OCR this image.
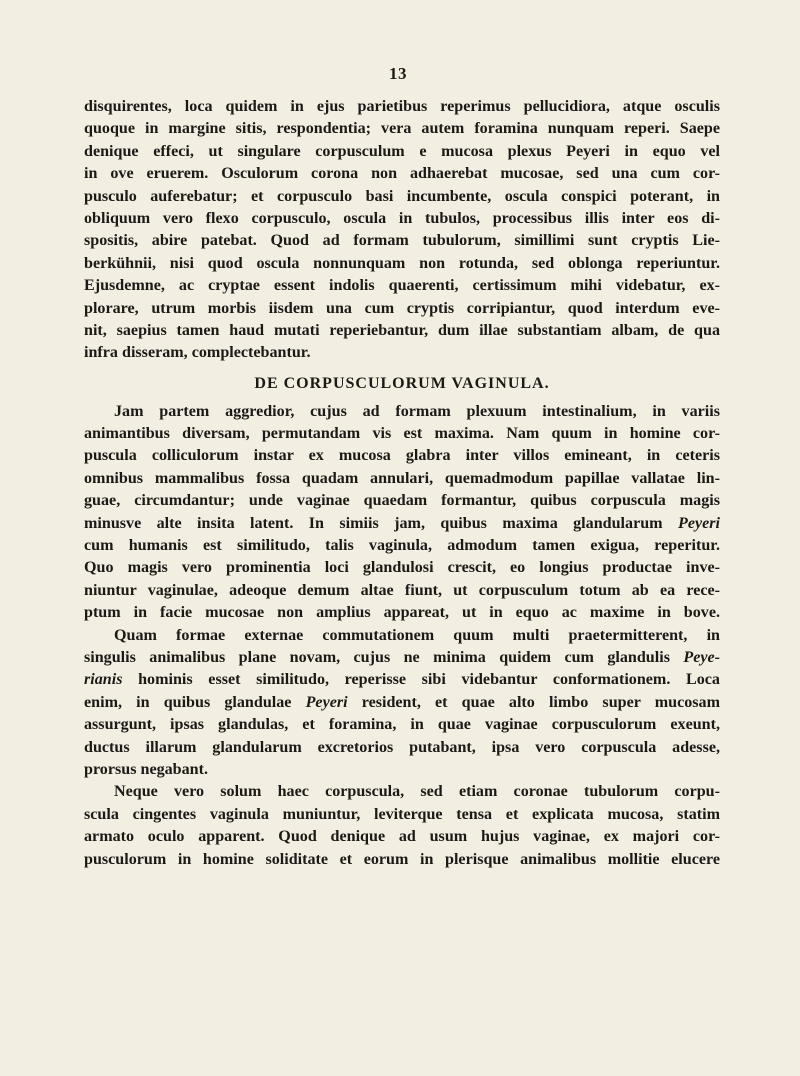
13
disquirentes, loca quidem in ejus parietibus reperimus pellucidiora, atque osculis
quoque in margine sitis, respondentia; vera autem foramina nunquam reperi. Saepe
denique effeci, ut singulare corpusculum e mucosa plexus Peyeri in equo vel
in ove eruerem. Osculorum corona non adhaerebat mucosae, sed una cum cor-
pusculo auferebatur; et corpusculo basi incumbente, oscula conspici poterant, in
obliquum vero flexo corpusculo, oscula in tubulos, processibus illis inter eos di-
spositis, abire patebat. Quod ad formam tubulorum, simillimi sunt cryptis Lie-
berkühnii, nisi quod oscula nonnunquam non rotunda, sed oblonga reperiuntur.
Ejusdemne, ac cryptae essent indolis quaerenti, certissimum mihi videbatur, ex-
plorare, utrum morbis iisdem una cum cryptis corripiantur, quod interdum eve-
nit, saepius tamen haud mutati reperiebantur, dum illae substantiam albam, de qua
infra disseram, complectebantur.
DE CORPUSCULORUM VAGINULA.
Jam partem aggredior, cujus ad formam plexuum intestinalium, in variis
animantibus diversam, permutandam vis est maxima. Nam quum in homine cor-
puscula colliculorum instar ex mucosa glabra inter villos emineant, in ceteris
omnibus mammalibus fossa quadam annulari, quemadmodum papillae vallatae lin-
guae, circumdantur; unde vaginae quaedam formantur, quibus corpuscula magis
minusve alte insita latent. In simiis jam, quibus maxima glandularum Peyeri
cum humanis est similitudo, talis vaginula, admodum tamen exigua, reperitur.
Quo magis vero prominentia loci glandulosi crescit, eo longius productae inve-
niuntur vaginulae, adeoque demum altae fiunt, ut corpusculum totum ab ea rece-
ptum in facie mucosae non amplius appareat, ut in equo ac maxime in bove.
Quam formae externae commutationem quum multi praetermitterent, in
singulis animalibus plane novam, cujus ne minima quidem cum glandulis Peye-
rianis hominis esset similitudo, reperisse sibi videbantur conformationem. Loca
enim, in quibus glandulae Peyeri resident, et quae alto limbo super mucosam
assurgunt, ipsas glandulas, et foramina, in quae vaginae corpusculorum exeunt,
ductus illarum glandularum excretorios putabant, ipsa vero corpuscula adesse,
prorsus negabant.
Neque vero solum haec corpuscula, sed etiam coronae tubulorum corpu-
scula cingentes vaginula muniuntur, leviterque tensa et explicata mucosa, statim
armato oculo apparent. Quod denique ad usum hujus vaginae, ex majori cor-
pusculorum in homine soliditate et eorum in plerisque animalibus mollitie elucere
